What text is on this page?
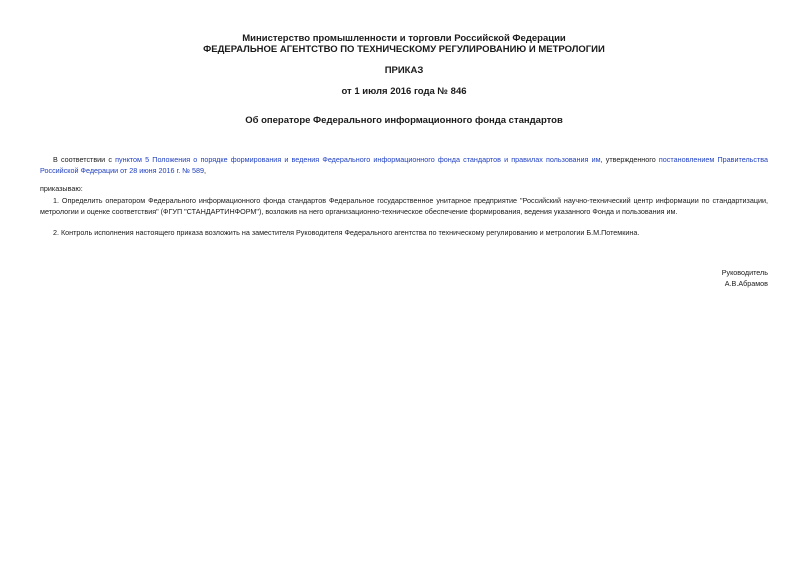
Министерство промышленности и торговли Российской Федерации
ФЕДЕРАЛЬНОЕ АГЕНТСТВО ПО ТЕХНИЧЕСКОМУ РЕГУЛИРОВАНИЮ И МЕТРОЛОГИИ
ПРИКАЗ
от 1 июля 2016 года № 846
Об операторе Федерального информационного фонда стандартов
В соответствии с пунктом 5 Положения о порядке формирования и ведения Федерального информационного фонда стандартов и правилах пользования им, утвержденного постановлением Правительства Российской Федерации от 28 июня 2016 г. № 589,
приказываю:
1. Определить оператором Федерального информационного фонда стандартов Федеральное государственное унитарное предприятие "Российский научно-технический центр информации по стандартизации, метрологии и оценке соответствия" (ФГУП "СТАНДАРТИНФОРМ"), возложив на него организационно-техническое обеспечение формирования, ведения указанного Фонда и пользования им.
2. Контроль исполнения настоящего приказа возложить на заместителя Руководителя Федерального агентства по техническому регулированию и метрологии Б.М.Потемкина.
Руководитель
А.В.Абрамов
